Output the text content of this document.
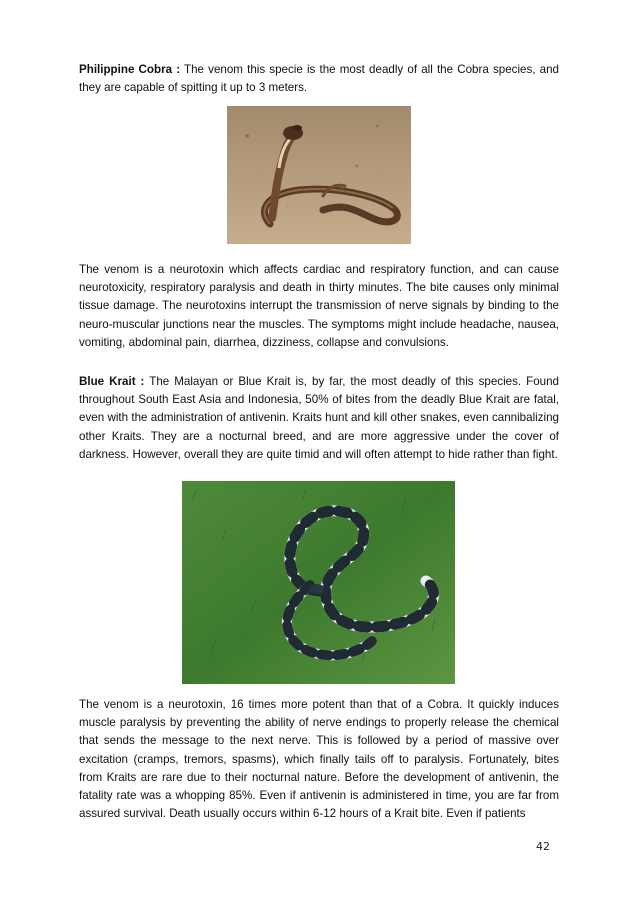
Philippine Cobra : The venom this specie is the most deadly of all the Cobra species, and they are capable of spitting it up to 3 meters.

The venom is a neurotoxin which affects cardiac and respiratory function, and can cause neurotoxicity, respiratory paralysis and death in thirty minutes. The bite causes only minimal tissue damage. The neurotoxins interrupt the transmission of nerve signals by binding to the neuro-muscular junctions near the muscles. The symptoms might include headache, nausea, vomiting, abdominal pain, diarrhea, dizziness, collapse and convulsions.

Blue Krait : The Malayan or Blue Krait is, by far, the most deadly of this species. Found throughout South East Asia and Indonesia, 50% of bites from the deadly Blue Krait are fatal, even with the administration of antivenin. Kraits hunt and kill other snakes, even cannibalizing other Kraits. They are a nocturnal breed, and are more aggressive under the cover of darkness. However, overall they are quite timid and will often attempt to hide rather than fight.

The venom is a neurotoxin, 16 times more potent than that of a Cobra. It quickly induces muscle paralysis by preventing the ability of nerve endings to properly release the chemical that sends the message to the next nerve. This is followed by a period of massive over excitation (cramps, tremors, spasms), which finally tails off to paralysis. Fortunately, bites from Kraits are rare due to their nocturnal nature. Before the development of antivenin, the fatality rate was a whopping 85%. Even if antivenin is administered in time, you are far from assured survival. Death usually occurs within 6-12 hours of a Krait bite. Even if patients

42
